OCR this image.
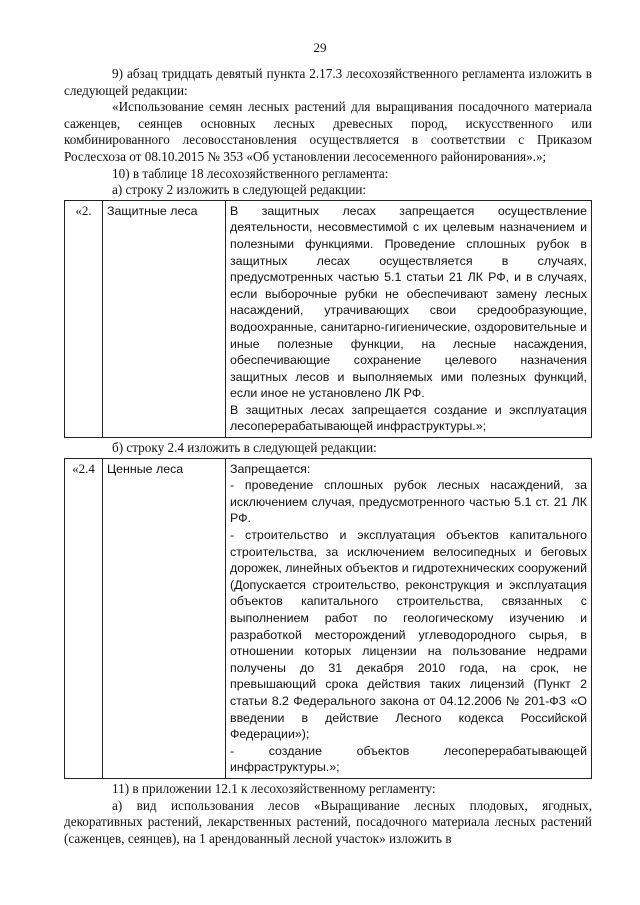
29

9) абзац тридцать девятый пункта 2.17.3 лесохозяйственного регламента изложить в следующей редакции:

«Использование семян лесных растений для выращивания посадочного материала саженцев, сеянцев основных лесных древесных пород, искусственного или комбинированного лесовосстановления осуществляется в соответствии с Приказом Рослесхоза от 08.10.2015 № 353 «Об установлении лесосеменного районирования».»;

10) в таблице 18 лесохозяйственного регламента:

а) строку 2 изложить в следующей редакции:

«2.	Защитные леса	В защитных лесах запрещается осуществление деятельности, несовместимой с их целевым назначением и полезными функциями. Проведение сплошных рубок в защитных лесах осуществляется в случаях, предусмотренных частью 5.1 статьи 21 ЛК РФ, и в случаях, если выборочные рубки не обеспечивают замену лесных насаждений, утрачивающих свои средообразующие, водоохранные, санитарно-гигиенические, оздоровительные и иные полезные функции, на лесные насаждения, обеспечивающие сохранение целевого назначения защитных лесов и выполняемых ими полезных функций, если иное не установлено ЛК РФ.
В защитных лесах запрещается создание и эксплуатация лесоперерабатывающей инфраструктуры.»;

б) строку 2.4 изложить в следующей редакции:

«2.4	Ценные леса	Запрещается:
- проведение сплошных рубок лесных насаждений, за исключением случая, предусмотренного частью 5.1 ст. 21 ЛК РФ.
- строительство и эксплуатация объектов капитального строительства, за исключением велосипедных и беговых дорожек, линейных объектов и гидротехнических сооружений (Допускается строительство, реконструкция и эксплуатация объектов капитального строительства, связанных с выполнением работ по геологическому изучению и разработкой месторождений углеводородного сырья, в отношении которых лицензии на пользование недрами получены до 31 декабря 2010 года, на срок, не превышающий срока действия таких лицензий (Пункт 2 статьи 8.2 Федерального закона от 04.12.2006 № 201-ФЗ «О введении в действие Лесного кодекса Российской Федерации»);
- создание объектов лесоперерабатывающей инфраструктуры.»;

11) в приложении 12.1 к лесохозяйственному регламенту:

а) вид использования лесов «Выращивание лесных плодовых, ягодных, декоративных растений, лекарственных растений, посадочного материала лесных растений (саженцев, сеянцев), на 1 арендованный лесной участок» изложить в
